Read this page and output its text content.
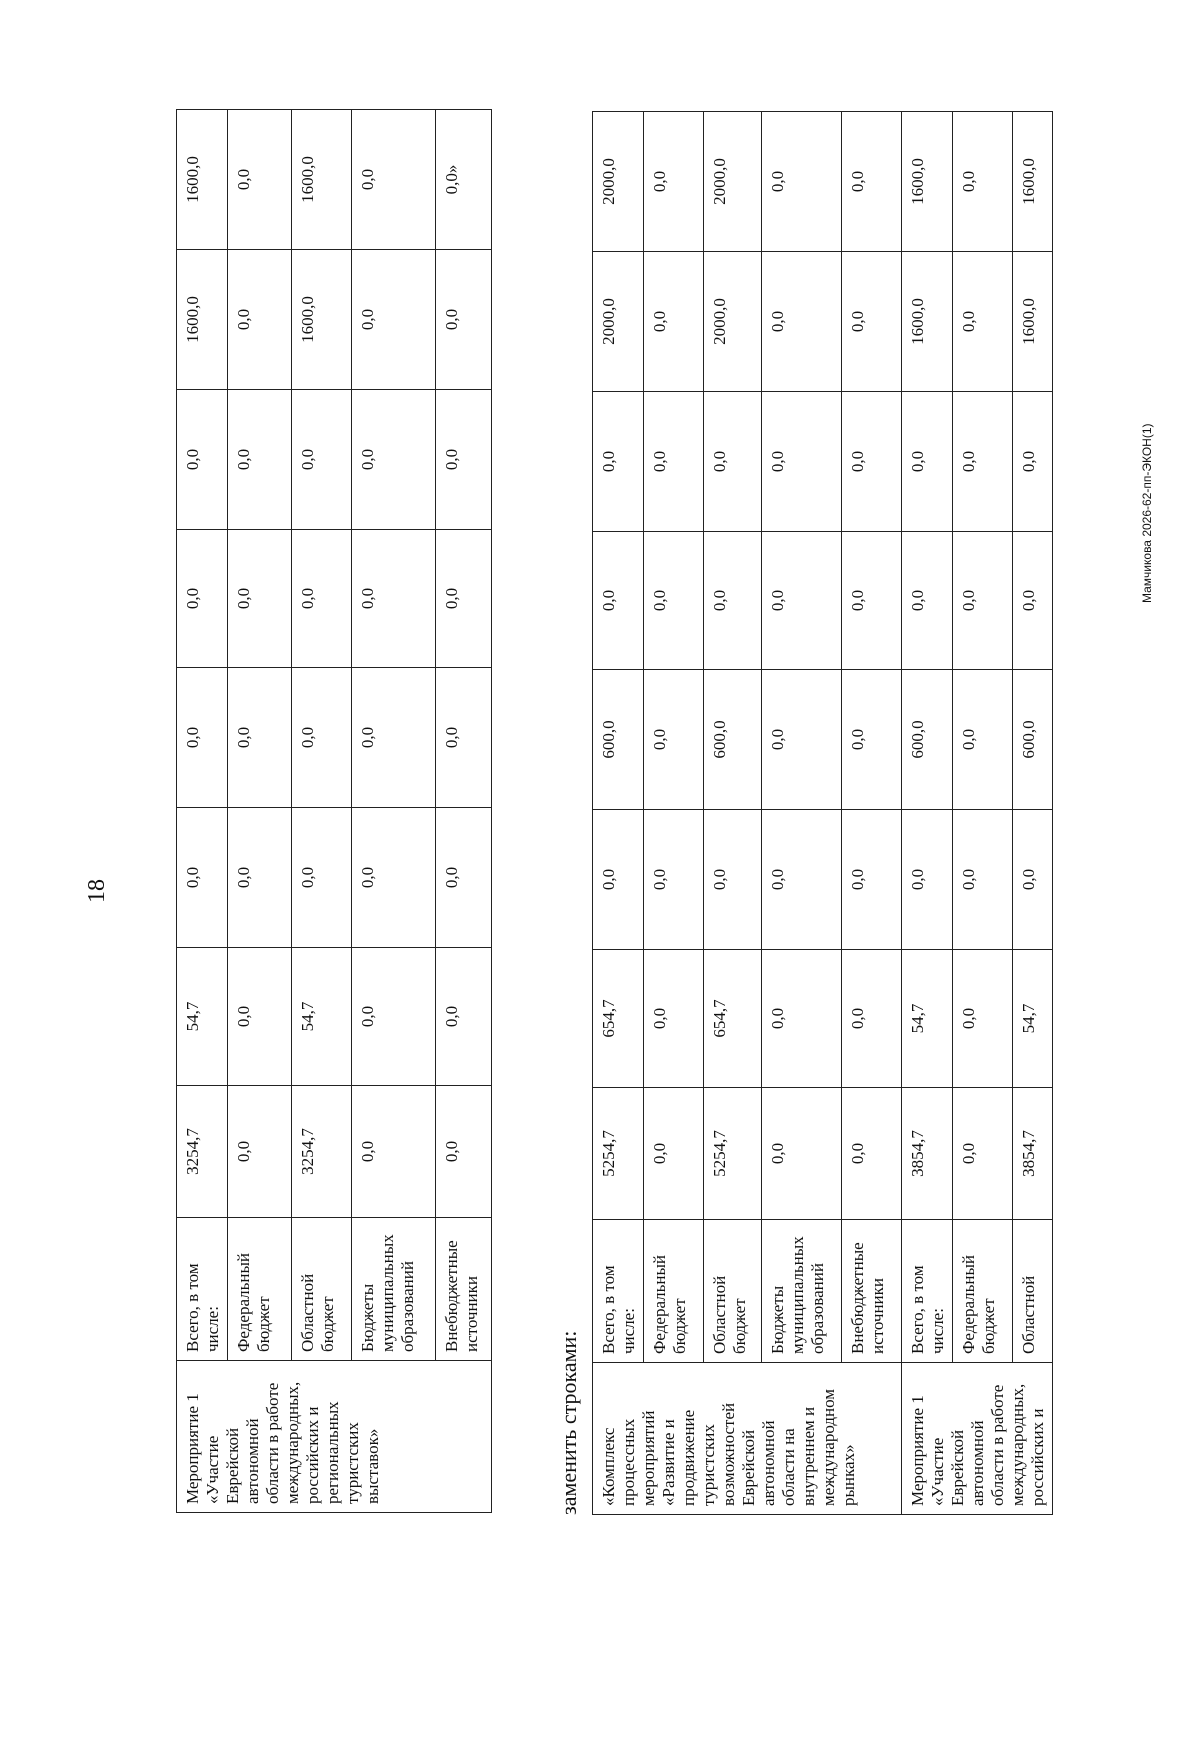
18
Мероприятие 1 «Участие Еврейской автономной области в работе международных, российских и региональных туристских выставок»	Всего, в том числе:	3254,7	54,7	0,0	0,0	0,0	0,0	1600,0	1600,0
	Федеральный бюджет	0,0	0,0	0,0	0,0	0,0	0,0	0,0	0,0
	Областной бюджет	3254,7	54,7	0,0	0,0	0,0	0,0	1600,0	1600,0
	Бюджеты муниципальных образований	0,0	0,0	0,0	0,0	0,0	0,0	0,0	0,0
	Внебюджетные источники	0,0	0,0	0,0	0,0	0,0	0,0	0,0	0,0»
заменить строками: «Комплекс процессных мероприятий «Развитие и продвижение туристских возможностей Еврейской автономной области на внутреннем и международном рынках»	Всего, в том числе:	5254,7	654,7	0,0	600,0	0,0	0,0	2000,0	2000,0
	Федеральный бюджет	0,0	0,0	0,0	0,0	0,0	0,0	0,0	0,0
	Областной бюджет	5254,7	654,7	0,0	600,0	0,0	0,0	2000,0	2000,0
	Бюджеты муниципальных образований	0,0	0,0	0,0	0,0	0,0	0,0	0,0	0,0
	Внебюджетные источники	0,0	0,0	0,0	0,0	0,0	0,0	0,0	0,0
Мероприятие 1 «Участие Еврейской автономной области в работе международных, российских и	Всего, в том числе:	3854,7	54,7	0,0	600,0	0,0	0,0	1600,0	1600,0
	Федеральный бюджет	0,0	0,0	0,0	0,0	0,0	0,0	0,0	0,0
	Областной	3854,7	54,7	0,0	600,0	0,0	0,0	1600,0	1600,0
Мамчикова 2026-62-пп-ЭКОН(1)
